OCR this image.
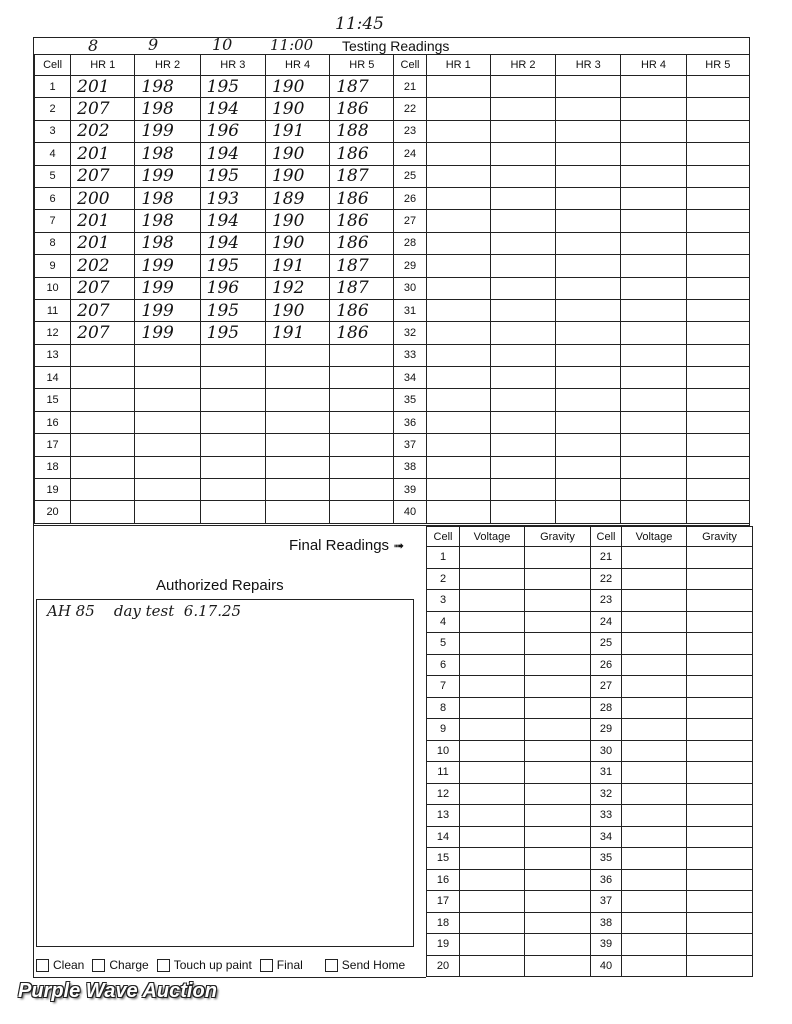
11:45
8	9	10	11:00 Testing Readings
Cell	HR 1	HR 2	HR 3	HR 4	HR 5	Cell	HR 1	HR 2	HR 3	HR 4	HR 5
1	201	198	195	190	187	21					
2	207	198	194	190	186	22					
3	202	199	196	191	188	23					
4	201	198	194	190	186	24					
5	207	199	195	190	187	25					
6	200	198	193	189	186	26					
7	201	198	194	190	186	27					
8	201	198	194	190	186	28					
9	202	199	195	191	187	29					
10	207	199	196	192	187	30					
11	207	199	195	190	186	31					
12	207	199	195	191	186	32					
13						33					
14						34					
15						35					
16						36					
17						37					
18						38					
19						39					
20						40					
Final Readings ➟
Cell	Voltage	Gravity	Cell	Voltage	Gravity
1			21		
2			22		
3			23		
4			24		
5			25		
6			26		
7			27		
8			28		
9			29		
10			30		
11			31		
12			32		
13			33		
14			34		
15			35		
16			36		
17			37		
18			38		
19			39		
20			40		
Authorized Repairs
AH 85    day test  6.17.25
Clean Charge Touch up paint Final	Send Home
Purple Wave Auction
